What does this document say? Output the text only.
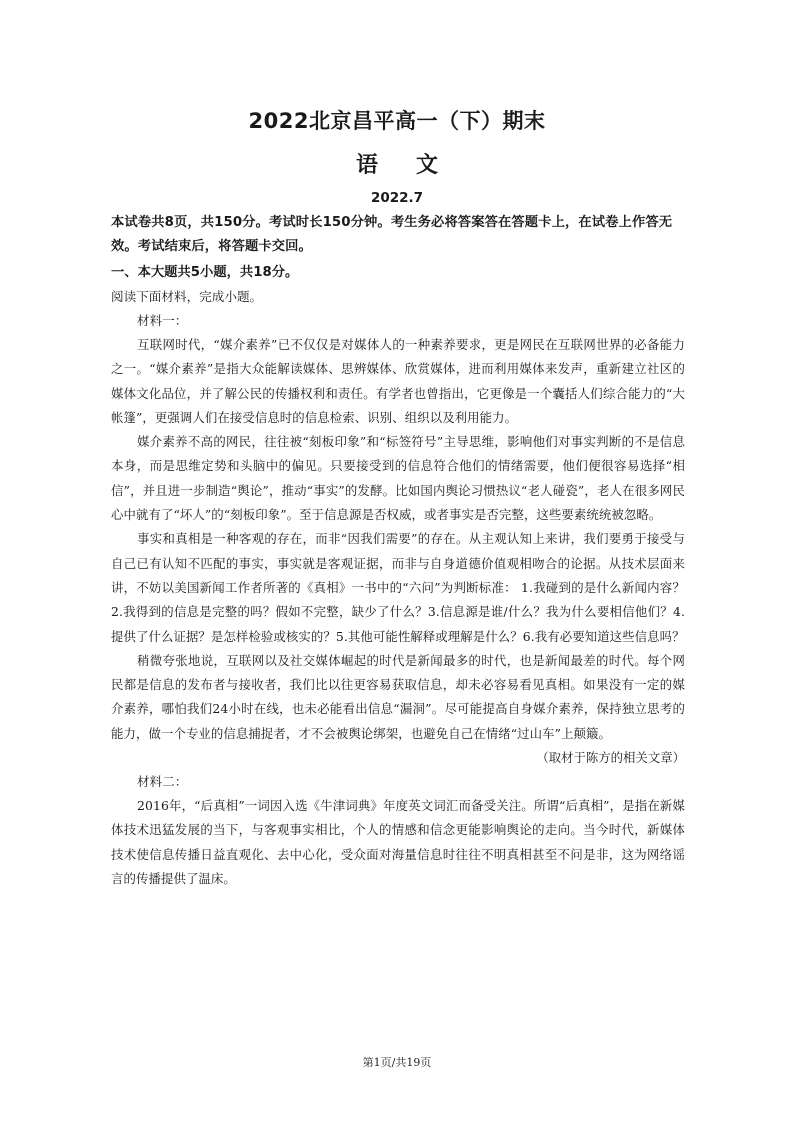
2022北京昌平高一（下）期末
语文
2022.7

本试卷共8页，共150分。考试时长150分钟。考生务必将答案答在答题卡上，在试卷上作答无效。考试结束后，将答题卡交回。

一、本大题共5小题，共18分。

阅读下面材料，完成小题。

材料一：

互联网时代，“媒介素养”已不仅仅是对媒体人的一种素养要求，更是网民在互联网世界的必备能力之一。“媒介素养”是指大众能解读媒体、思辨媒体、欣赏媒体，进而利用媒体来发声，重新建立社区的媒体文化品位，并了解公民的传播权利和责任。有学者也曾指出，它更像是一个囊括人们综合能力的“大帐篷”，更强调人们在接受信息时的信息检索、识别、组织以及利用能力。

媒介素养不高的网民，往往被“刻板印象”和“标签符号”主导思维，影响他们对事实判断的不是信息本身，而是思维定势和头脑中的偏见。只要接受到的信息符合他们的情绪需要，他们便很容易选择“相信”，并且进一步制造“舆论”，推动“事实”的发酵。比如国内舆论习惯热议“老人碰瓷”，老人在很多网民心中就有了“坏人”的“刻板印象”。至于信息源是否权威，或者事实是否完整，这些要素统统被忽略。

事实和真相是一种客观的存在，而非“因我们需要”的存在。从主观认知上来讲，我们要勇于接受与自己已有认知不匹配的事实，事实就是客观证据，而非与自身道德价值观相吻合的论据。从技术层面来讲，不妨以美国新闻工作者所著的《真相》一书中的“六问”为判断标准： 1.我碰到的是什么新闻内容？2.我得到的信息是完整的吗？假如不完整，缺少了什么？3.信息源是谁/什么？我为什么要相信他们？4.提供了什么证据？是怎样检验或核实的？5.其他可能性解释或理解是什么？6.我有必要知道这些信息吗？

稍微夸张地说，互联网以及社交媒体崛起的时代是新闻最多的时代，也是新闻最差的时代。每个网民都是信息的发布者与接收者，我们比以往更容易获取信息，却未必容易看见真相。如果没有一定的媒介素养，哪怕我们24小时在线，也未必能看出信息“漏洞”。尽可能提高自身媒介素养，保持独立思考的能力，做一个专业的信息捕捉者，才不会被舆论绑架，也避免自己在情绪“过山车”上颠簸。

（取材于陈方的相关文章）

材料二：

2016年，“后真相”一词因入选《牛津词典》年度英文词汇而备受关注。所谓“后真相”，是指在新媒体技术迅猛发展的当下，与客观事实相比，个人的情感和信念更能影响舆论的走向。当今时代，新媒体技术使信息传播日益直观化、去中心化，受众面对海量信息时往往不明真相甚至不问是非，这为网络谣言的传播提供了温床。

第1页/共19页
